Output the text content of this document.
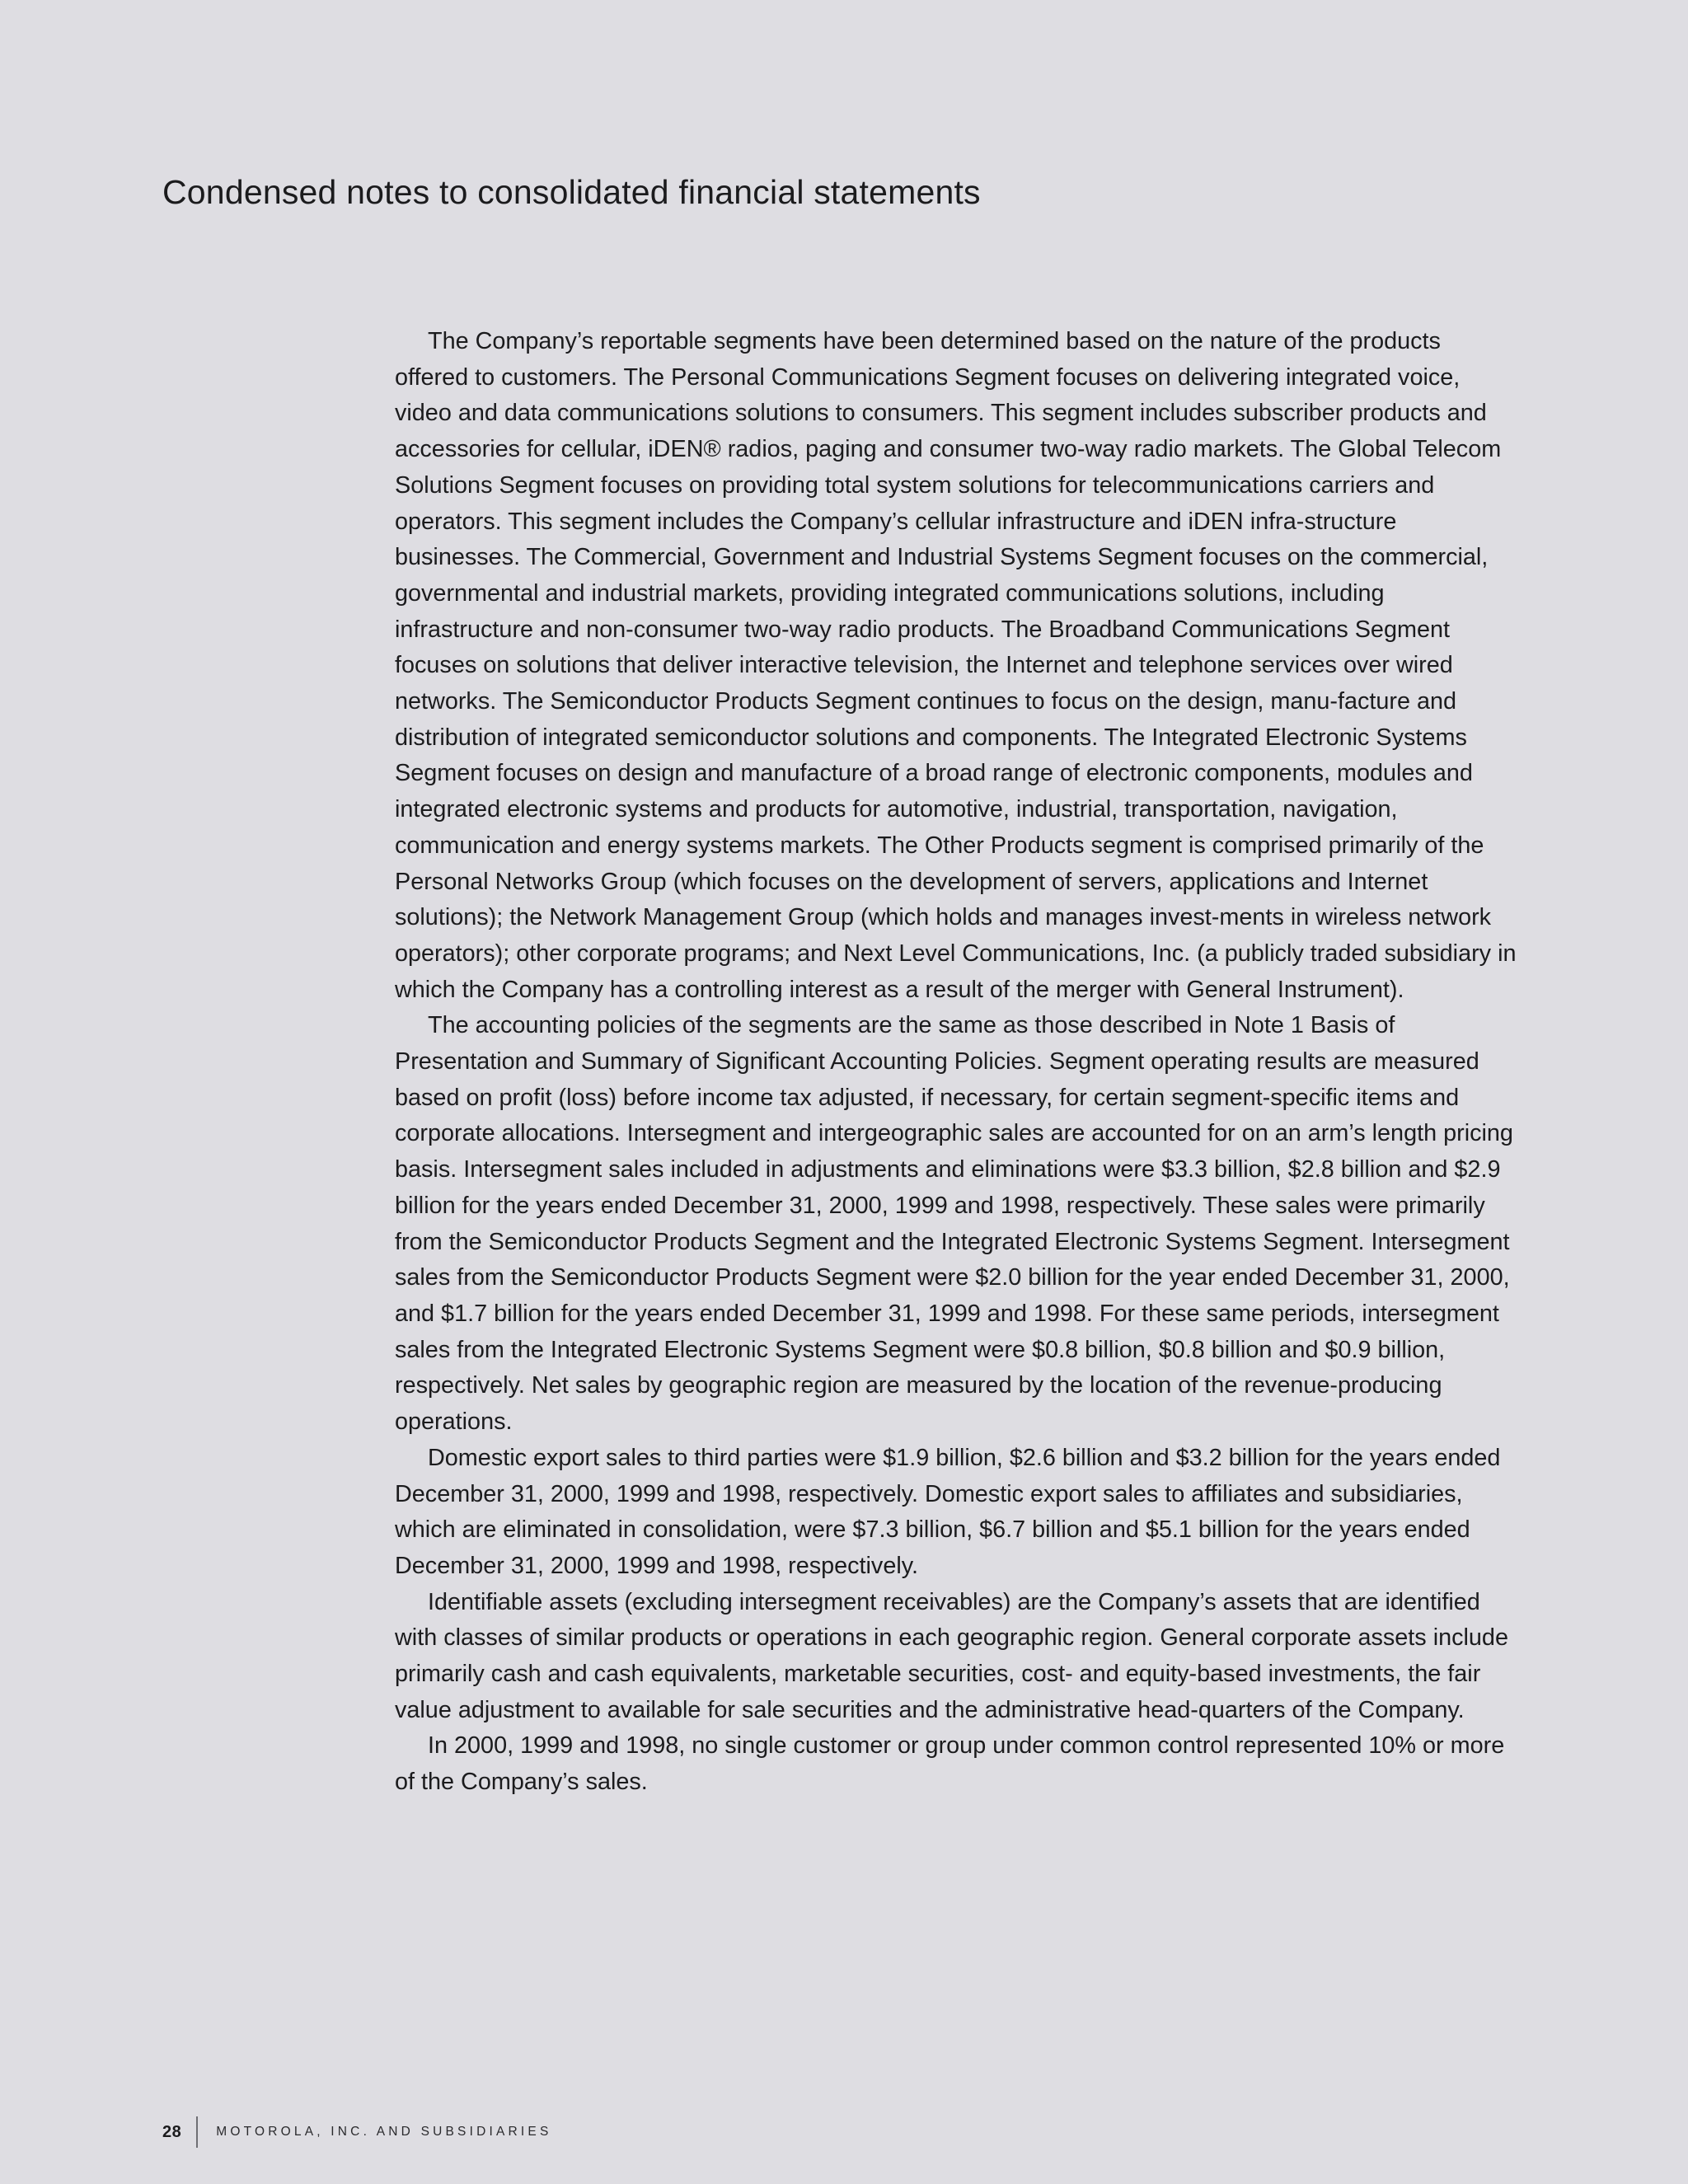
Condensed notes to consolidated financial statements

The Company’s reportable segments have been determined based on the nature of the products offered to customers. The Personal Communications Segment focuses on delivering integrated voice, video and data communications solutions to consumers. This segment includes subscriber products and accessories for cellular, iDEN® radios, paging and consumer two-way radio markets. The Global Telecom Solutions Segment focuses on providing total system solutions for telecommunications carriers and operators. This segment includes the Company’s cellular infrastructure and iDEN infra-structure businesses. The Commercial, Government and Industrial Systems Segment focuses on the commercial, governmental and industrial markets, providing integrated communications solutions, including infrastructure and non-consumer two-way radio products. The Broadband Communications Segment focuses on solutions that deliver interactive television, the Internet and telephone services over wired networks. The Semiconductor Products Segment continues to focus on the design, manu-facture and distribution of integrated semiconductor solutions and components. The Integrated Electronic Systems Segment focuses on design and manufacture of a broad range of electronic components, modules and integrated electronic systems and products for automotive, industrial, transportation, navigation, communication and energy systems markets. The Other Products segment is comprised primarily of the Personal Networks Group (which focuses on the development of servers, applications and Internet solutions); the Network Management Group (which holds and manages invest-ments in wireless network operators); other corporate programs; and Next Level Communications, Inc. (a publicly traded subsidiary in which the Company has a controlling interest as a result of the merger with General Instrument).

The accounting policies of the segments are the same as those described in Note 1 Basis of Presentation and Summary of Significant Accounting Policies. Segment operating results are measured based on profit (loss) before income tax adjusted, if necessary, for certain segment-specific items and corporate allocations. Intersegment and intergeographic sales are accounted for on an arm’s length pricing basis. Intersegment sales included in adjustments and eliminations were $3.3 billion, $2.8 billion and $2.9 billion for the years ended December 31, 2000, 1999 and 1998, respectively. These sales were primarily from the Semiconductor Products Segment and the Integrated Electronic Systems Segment. Intersegment sales from the Semiconductor Products Segment were $2.0 billion for the year ended December 31, 2000, and $1.7 billion for the years ended December 31, 1999 and 1998. For these same periods, intersegment sales from the Integrated Electronic Systems Segment were $0.8 billion, $0.8 billion and $0.9 billion, respectively. Net sales by geographic region are measured by the location of the revenue-producing operations.

Domestic export sales to third parties were $1.9 billion, $2.6 billion and $3.2 billion for the years ended December 31, 2000, 1999 and 1998, respectively. Domestic export sales to affiliates and subsidiaries, which are eliminated in consolidation, were $7.3 billion, $6.7 billion and $5.1 billion for the years ended December 31, 2000, 1999 and 1998, respectively.

Identifiable assets (excluding intersegment receivables) are the Company’s assets that are identified with classes of similar products or operations in each geographic region. General corporate assets include primarily cash and cash equivalents, marketable securities, cost- and equity-based investments, the fair value adjustment to available for sale securities and the administrative head-quarters of the Company.

In 2000, 1999 and 1998, no single customer or group under common control represented 10% or more of the Company’s sales.

28	MOTOROLA, INC. AND SUBSIDIARIES
